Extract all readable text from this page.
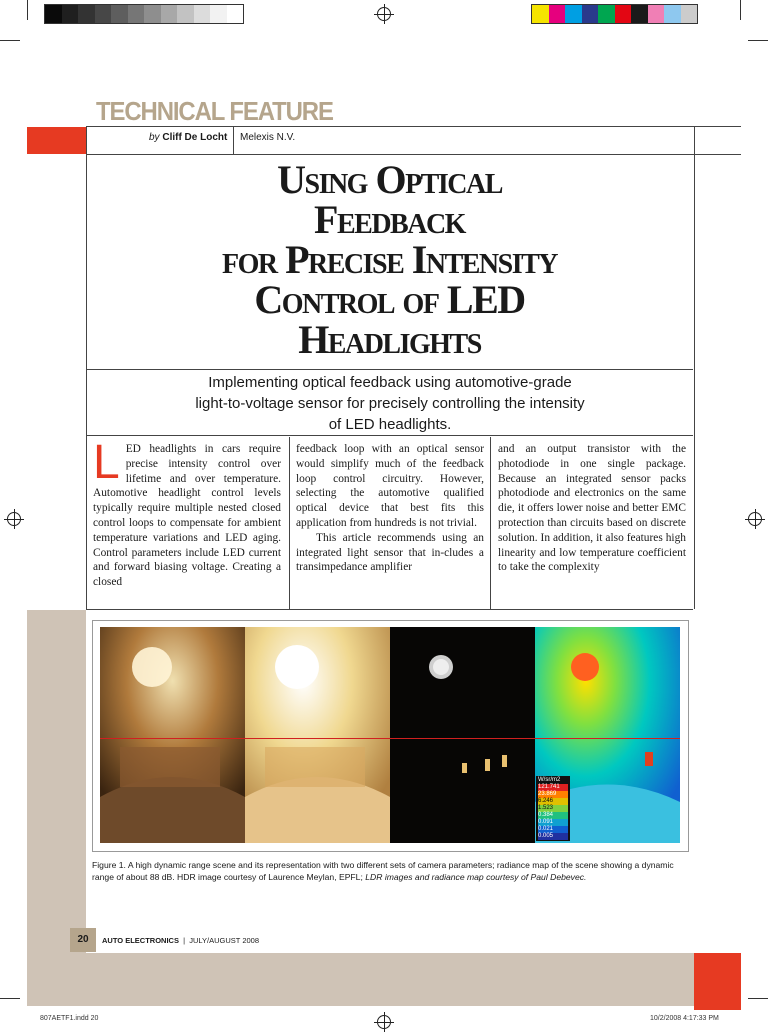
TECHNICAL FEATURE
by Cliff De Locht Melexis N.V.
Using Optical
Feedback
for Precise Intensity
Control of LED
Headlights
Implementing optical feedback using automotive-grade
light-to-voltage sensor for precisely controlling the intensity
of LED headlights.
L ED headlights in cars require precise intensity control over lifetime and over temperature. Automotive headlight control levels typically require multiple nested closed control loops to compensate for ambient temperature variations and LED aging. Control parameters include LED current and forward biasing voltage. Creating a closed

feedback loop with an optical sensor would simplify much of the feedback loop control circuitry. However, selecting the automotive qualified optical device that best fits this application from hundreds is not trivial.

This article recommends using an integrated light sensor that in-cludes a transimpedance amplifier

and an output transistor with the photodiode in one single package. Because an integrated sensor packs photodiode and electronics on the same die, it offers lower noise and better EMC protection than circuits based on discrete solution. In addition, it also features high linearity and low temperature coefficient to take the complexity

W/sr/m2
121.741
23.869
6.246
1.523
0.384
0.091
0.021
0.005
Figure 1. A high dynamic range scene and its representation with two different sets of camera parameters; radiance map of the scene showing a dynamic range of about 88 dB. HDR image courtesy of Laurence Meylan, EPFL; LDR images and radiance map courtesy of Paul Debevec.
20	AUTO ELECTRONICS | JULY/AUGUST 2008
807AETF1.indd 20	10/2/2008 4:17:33 PM
